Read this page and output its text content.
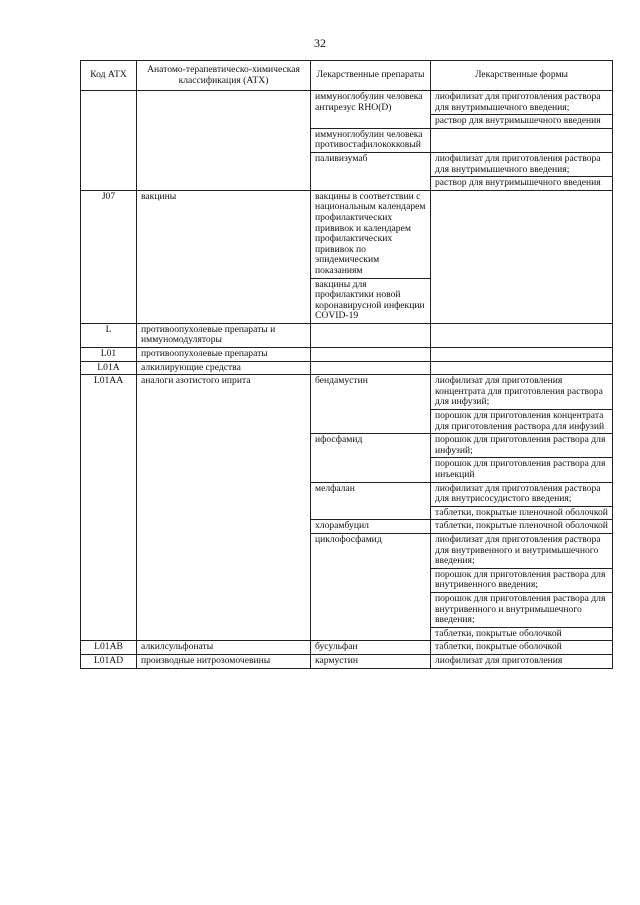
32
Код АТХ	Анатомо-терапевтическо-химическая классификация (АТХ)	Лекарственные препараты	Лекарственные формы
		иммуноглобулин человека антирезус RHO(D)	лиофилизат для приготовления раствора для внутримышечного введения;
			раствор для внутримышечного введения
		иммуноглобулин человека противостафилококковый	
		паливизумаб	лиофилизат для приготовления раствора для внутримышечного введения;
			раствор для внутримышечного введения
J07	вакцины	вакцины в соответствии с национальным календарем профилактических прививок и календарем профилактических прививок по эпидемическим показаниям	
		вакцины для профилактики новой коронавирусной инфекции COVID-19	
L	противоопухолевые препараты и иммуномодуляторы		
L01	противоопухолевые препараты		
L01A	алкилирующие средства		
L01AA	аналоги азотистого иприта	бендамустин	лиофилизат для приготовления концентрата для приготовления раствора для инфузий;
			порошок для приготовления концентрата для приготовления раствора для инфузий
		ифосфамид	порошок для приготовления раствора для инфузий;
			порошок для приготовления раствора для инъекций
		мелфалан	лиофилизат для приготовления раствора для внутрисосудистого введения;
			таблетки, покрытые пленочной оболочкой
		хлорамбуцил	таблетки, покрытые пленочной оболочкой
		циклофосфамид	лиофилизат для приготовления раствора для внутривенного и внутримышечного введения;
			порошок для приготовления раствора для внутривенного введения;
			порошок для приготовления раствора для внутривенного и внутримышечного введения;
			таблетки, покрытые оболочкой
L01AB	алкилсульфонаты	бусульфан	таблетки, покрытые оболочкой
L01AD	производные нитрозомочевины	кармустин	лиофилизат для приготовления
